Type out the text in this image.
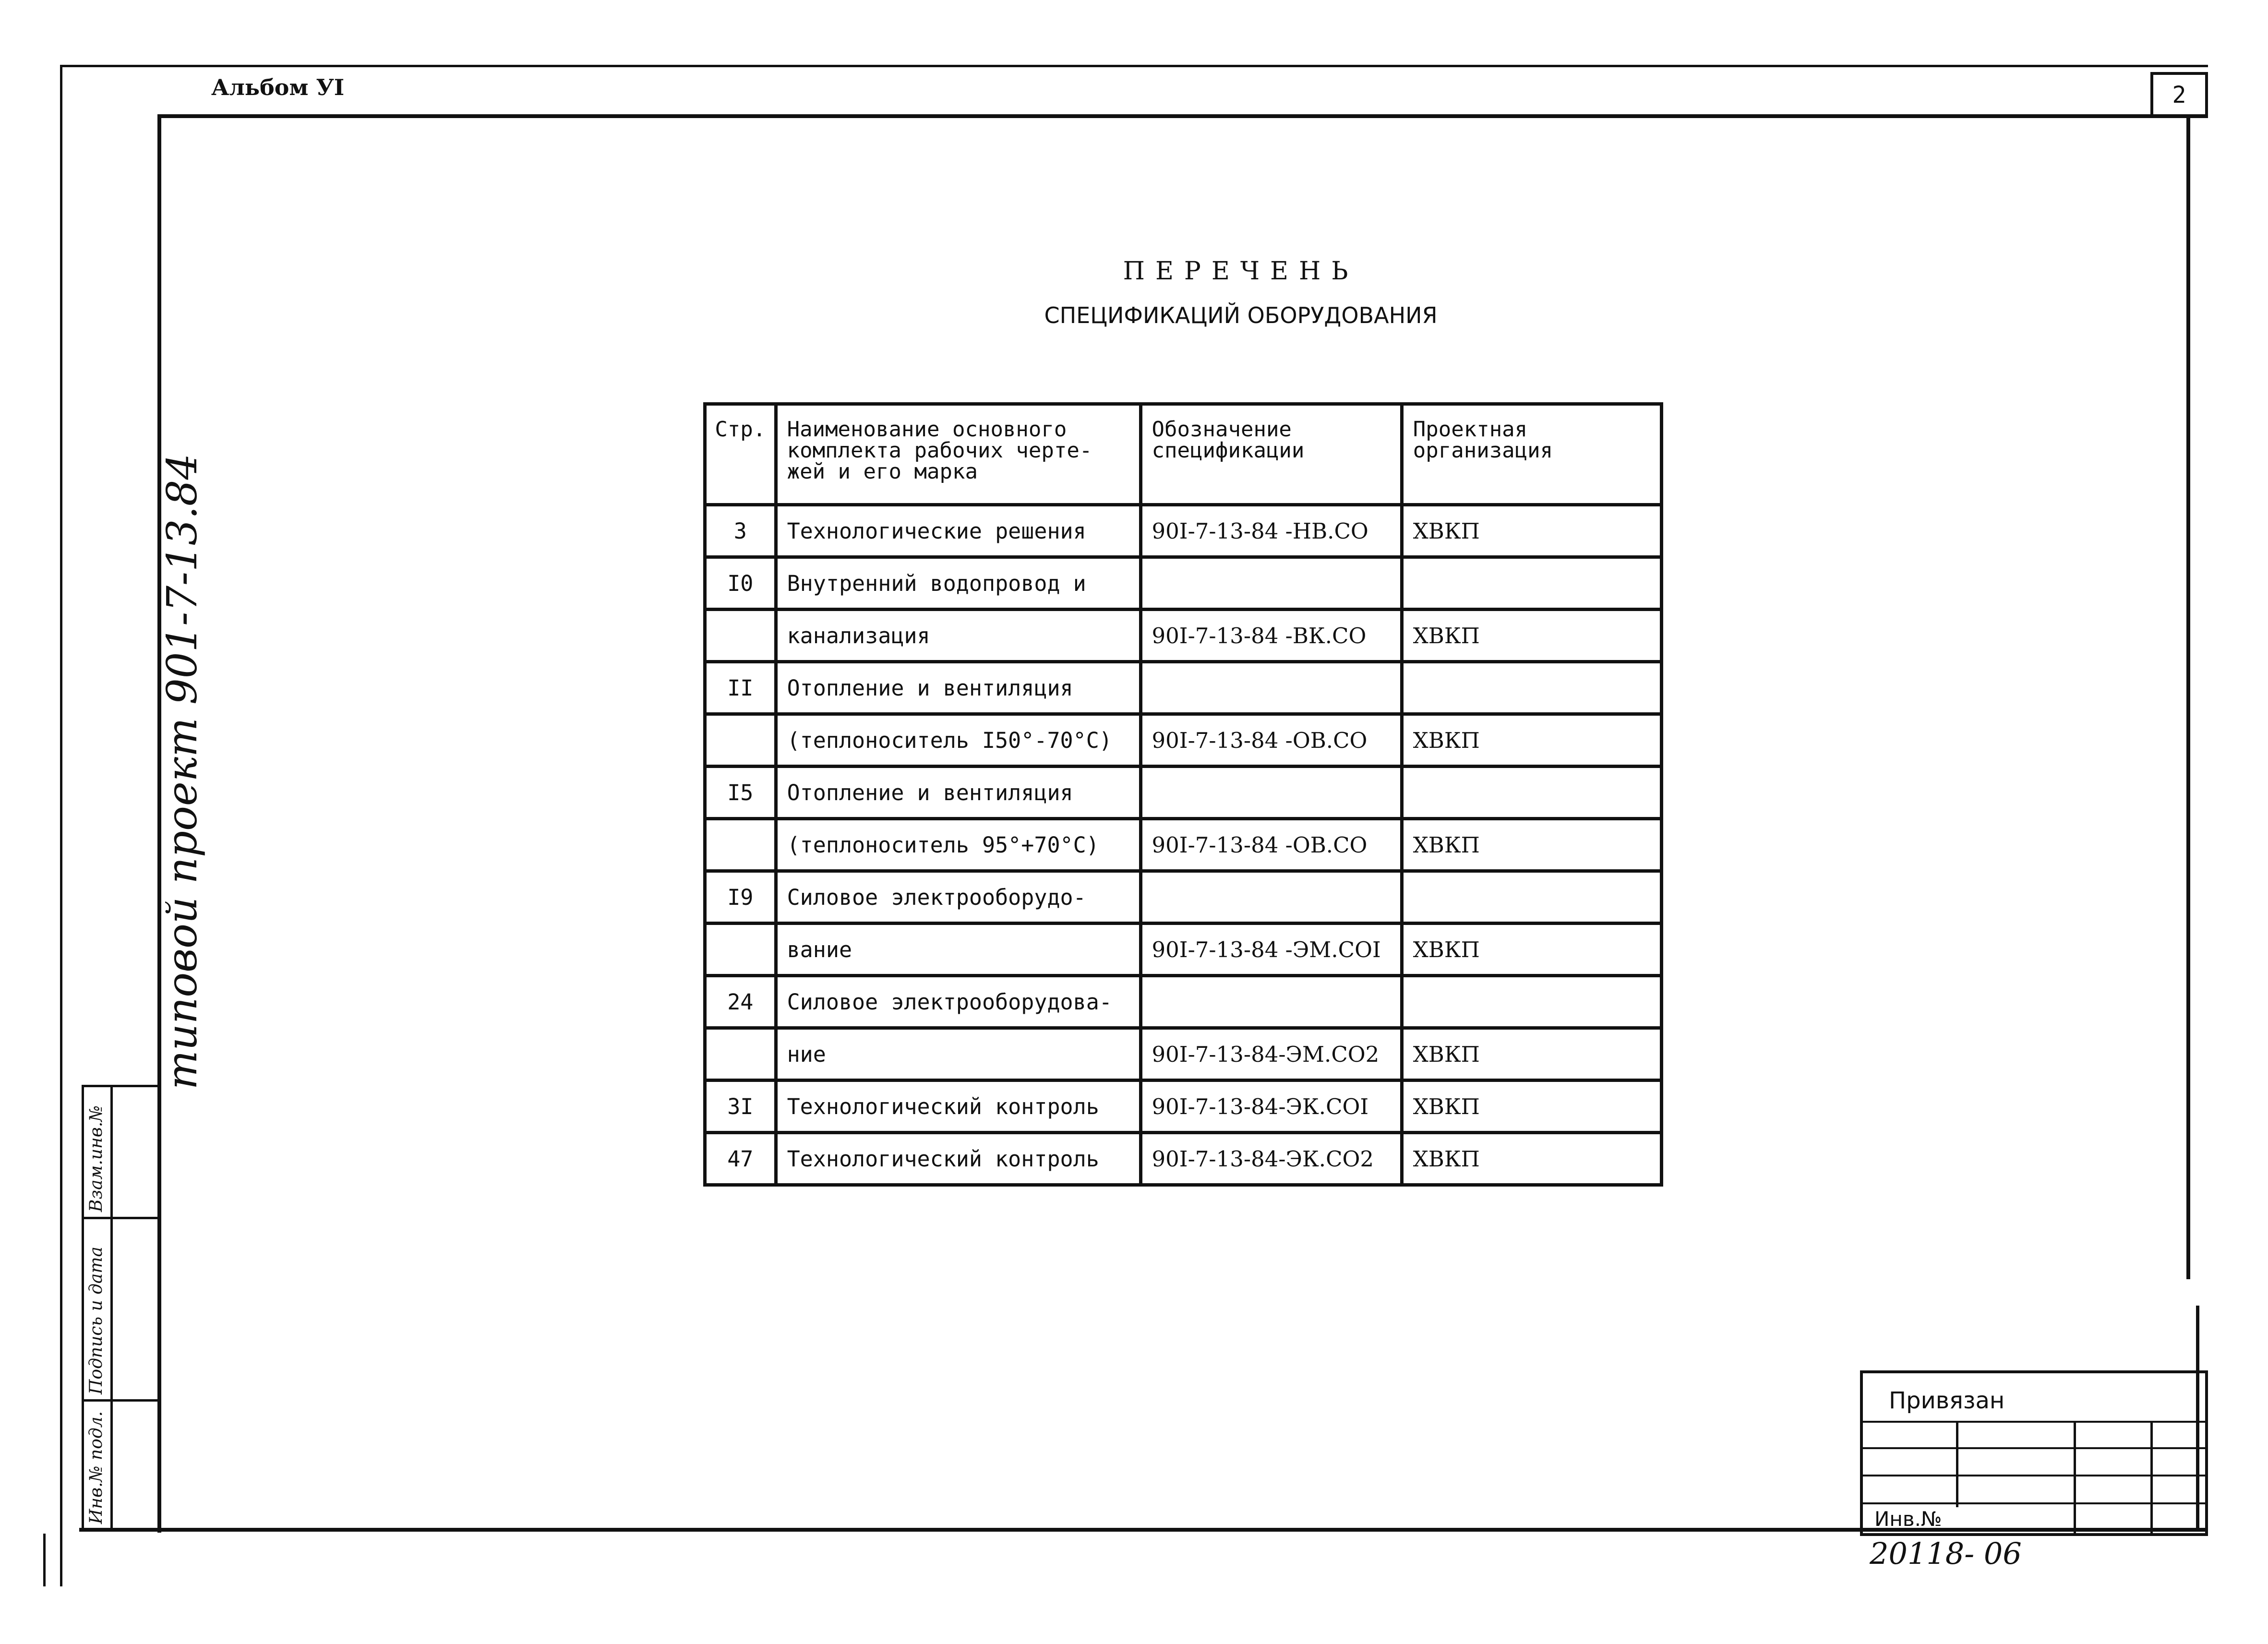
Альбом УI	2
ПЕРЕЧЕНЬ
СПЕЦИФИКАЦИЙ ОБОРУДОВАНИЯ
Стр.	Наименование основного комплекта рабочих черте- жей и его марка	Обозначение спецификации	Проектная организация
3	Технологические решения	90I-7-13-84 -НВ.СО	ХВКП
I0	Внутренний водопровод и		
	канализация	90I-7-13-84 -ВК.СО	ХВКП
II	Отопление и вентиляция		
	(теплоноситель I50°-70°C)	90I-7-13-84 -ОВ.СО	ХВКП
I5	Отопление и вентиляция		
	(теплоноситель 95°+70°C)	90I-7-13-84 -ОВ.СО	ХВКП
I9	Силовое электрооборудо-		
	вание	90I-7-13-84 -ЭМ.СОI	ХВКП
24	Силовое электрооборудова-		
	ние	90I-7-13-84-ЭМ.СО2	ХВКП
3I	Технологический контроль	90I-7-13-84-ЭК.СОI	ХВКП
47	Технологический контроль	90I-7-13-84-ЭК.СО2	ХВКП
типовой проект 901-7-13.84
Инв.№ подл.
Подпись и дата
Взам.инв.№
Привязан
Инв.№
20118- 06
